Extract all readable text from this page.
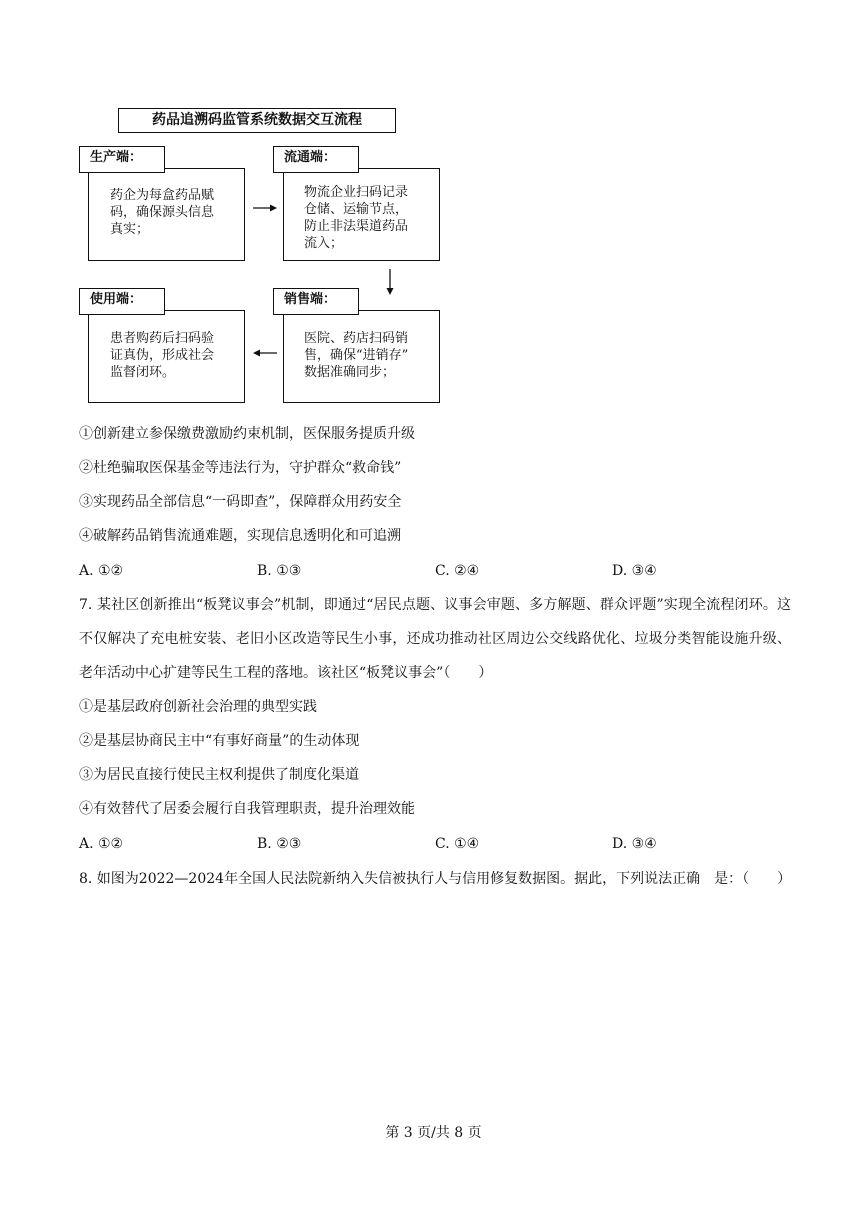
药品追溯码监管系统数据交互流程
生产端：
药企为每盒药品赋
码，确保源头信息
真实；
流通端：
物流企业扫码记录
仓储、运输节点，
防止非法渠道药品
流入；
销售端：
医院、药店扫码销
售，确保“进销存”
数据准确同步；
使用端：
患者购药后扫码验
证真伪，形成社会
监督闭环。
①创新建立参保缴费激励约束机制，医保服务提质升级
②杜绝骗取医保基金等违法行为，守护群众“救命钱”
③实现药品全部信息“一码即查”，保障群众用药安全
④破解药品销售流通难题，实现信息透明化和可追溯
A. ①②	B. ①③	C. ②④	D. ③④
7. 某社区创新推出“板凳议事会”机制，即通过“居民点题、议事会审题、多方解题、群众评题”实现全流程闭环。这不仅解决了充电桩安装、老旧小区改造等民生小事，还成功推动社区周边公交线路优化、垃圾分类智能设施升级、老年活动中心扩建等民生工程的落地。该社区“板凳议事会”（　　）
①是基层政府创新社会治理的典型实践
②是基层协商民主中“有事好商量”的生动体现
③为居民直接行使民主权利提供了制度化渠道
④有效替代了居委会履行自我管理职责，提升治理效能
A. ①②	B. ②③	C. ①④	D. ③④
8. 如图为2022—2024年全国人民法院新纳入失信被执行人与信用修复数据图。据此，下列说法正确　是：（　　）
第 3 页/共 8 页
